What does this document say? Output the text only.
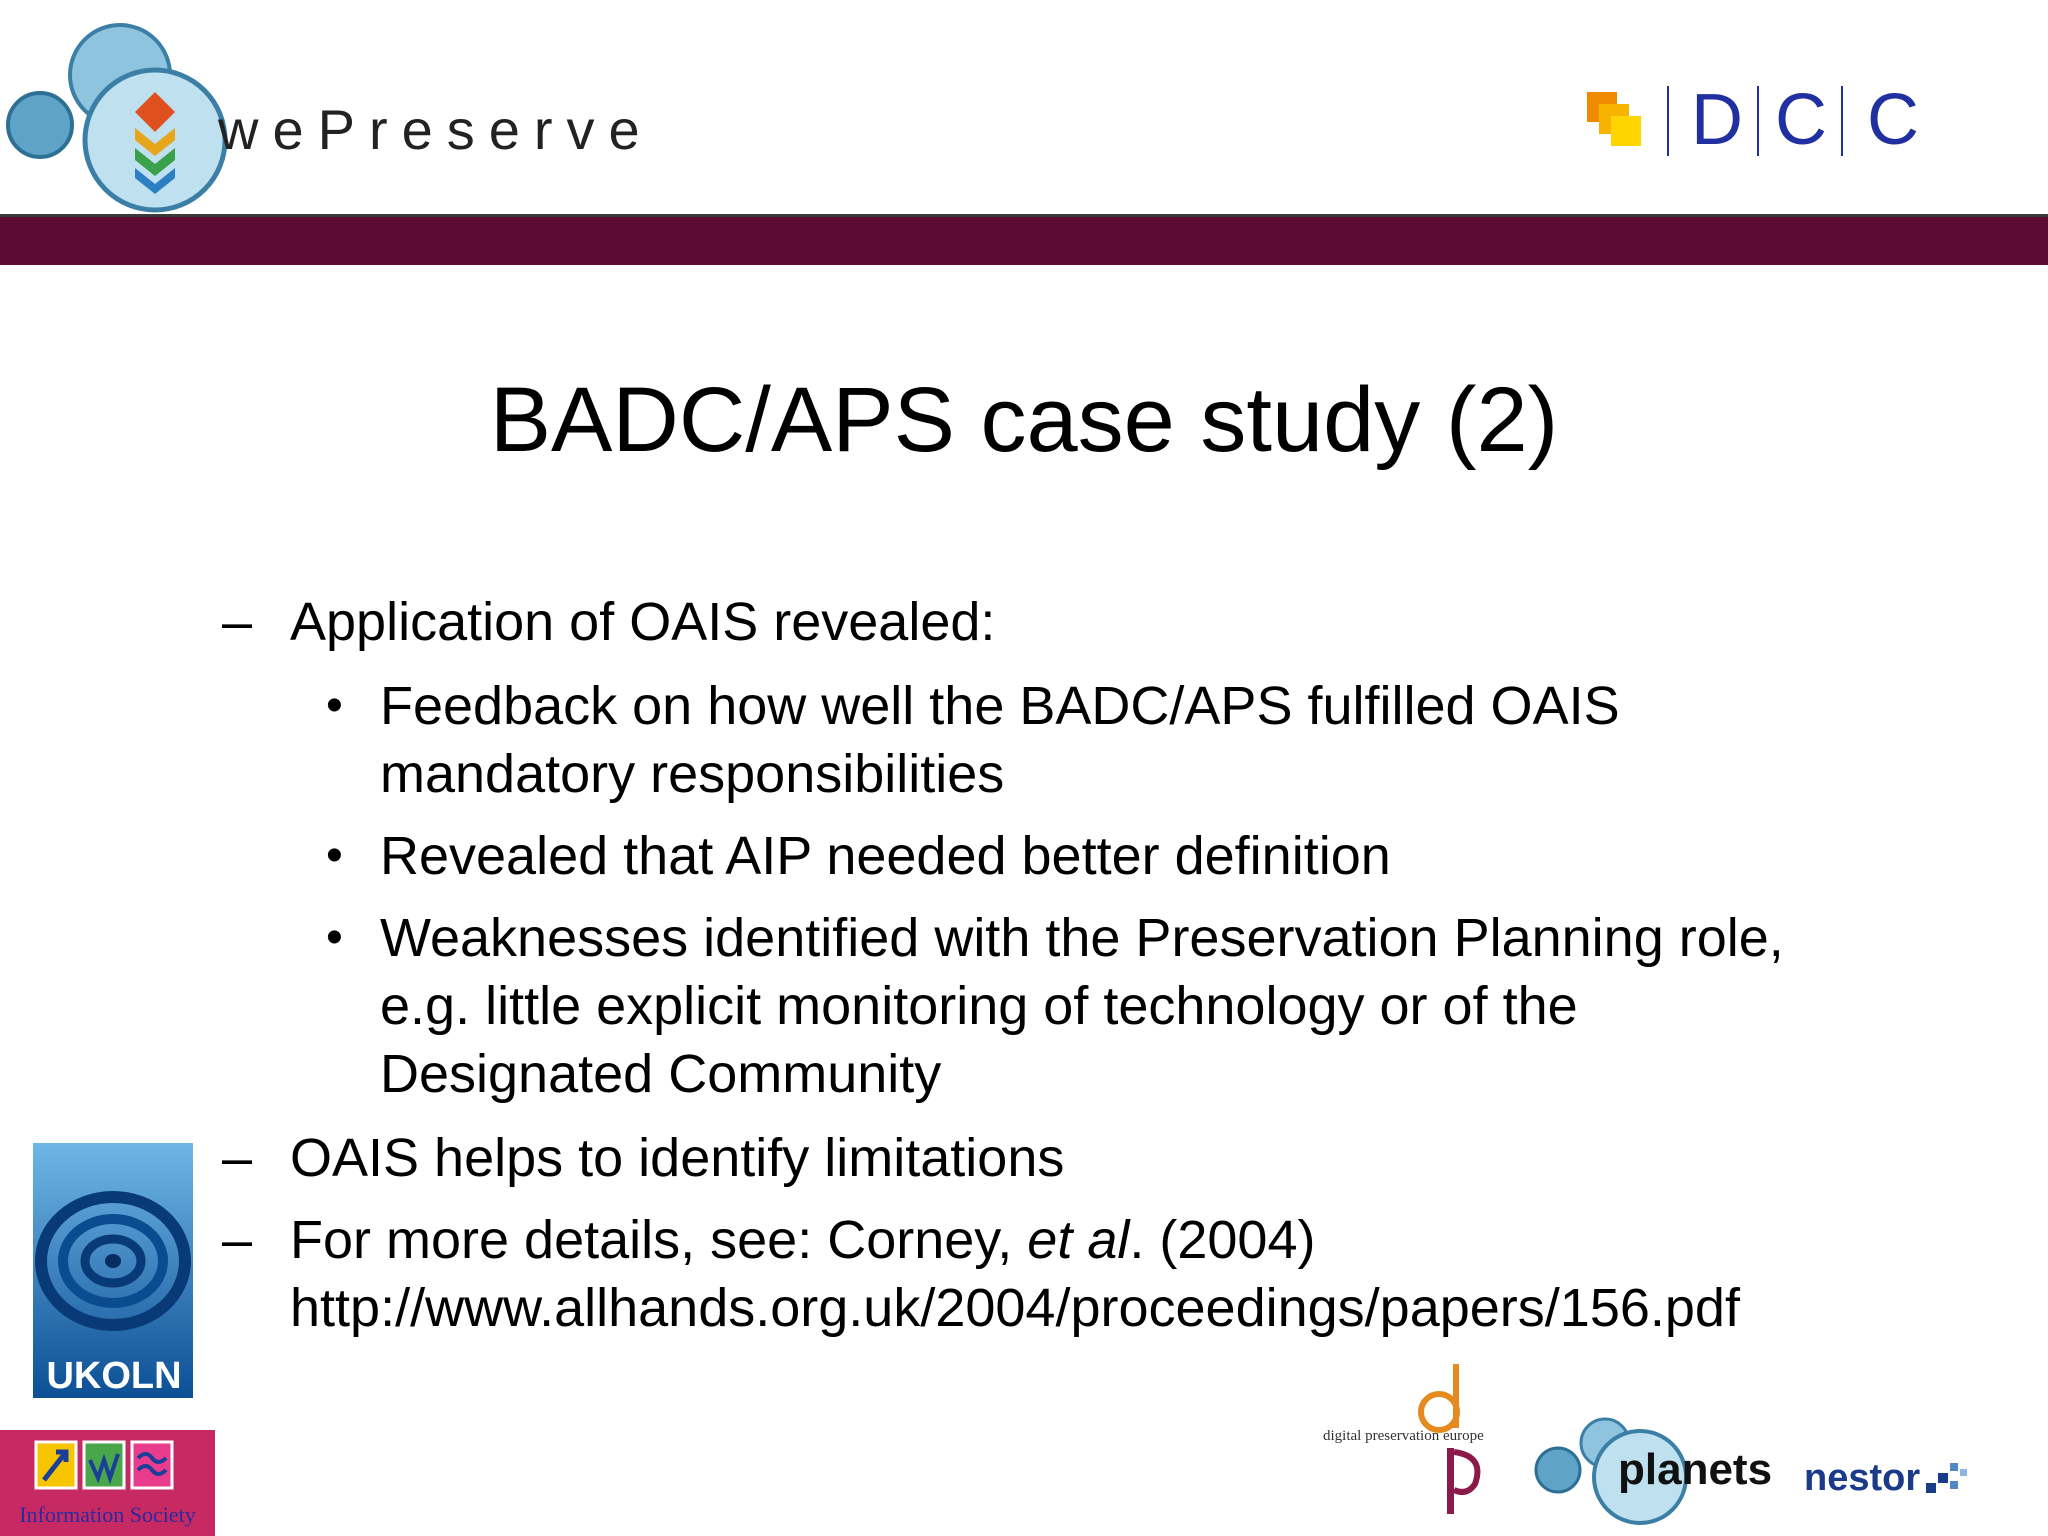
wePreserve	D C C
BADC/APS case study (2)
– Application of OAIS revealed:
• Feedback on how well the BADC/APS fulfilled OAIS
mandatory responsibilities
• Revealed that AIP needed better definition
• Weaknesses identified with the Preservation Planning role,
e.g. little explicit monitoring of technology or of the
Designated Community
– OAIS helps to identify limitations
– For more details, see: Corney, et al. (2004)
http://www.allhands.org.uk/2004/proceedings/papers/156.pdf
UKOLN
Information Society
digital preservation europe
planets nestor
